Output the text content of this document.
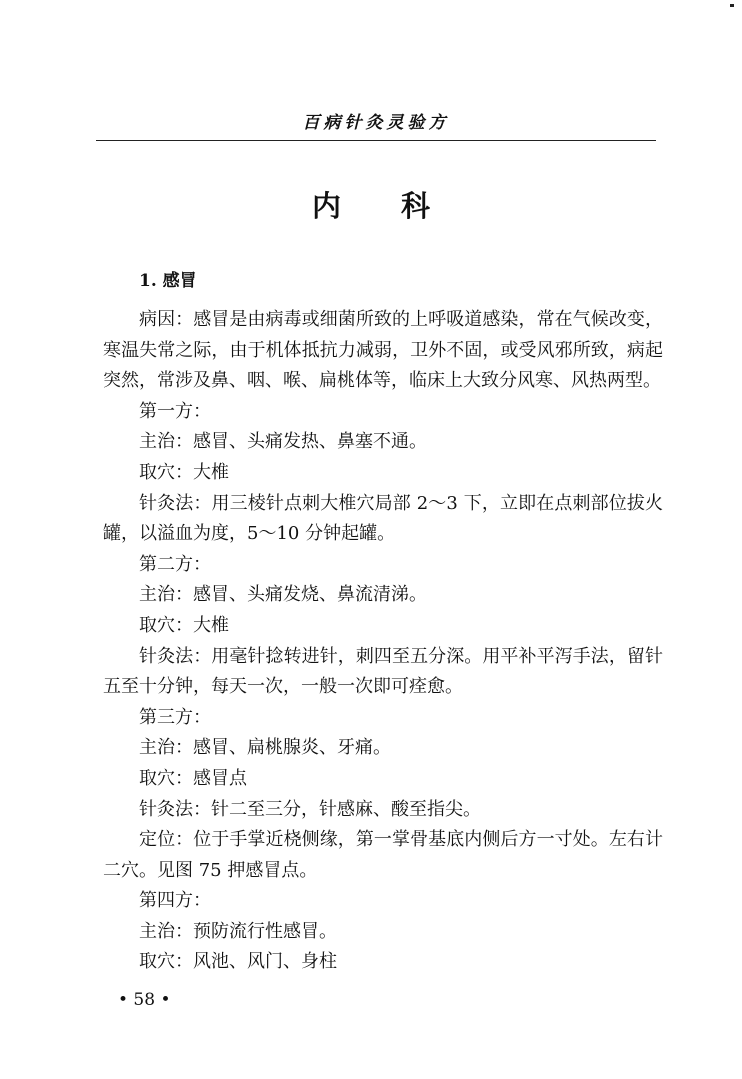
百病针灸灵验方
内 科
1. 感冒

病因：感冒是由病毒或细菌所致的上呼吸道感染，常在气候改变，寒温失常之际，由于机体抵抗力减弱，卫外不固，或受风邪所致，病起突然，常涉及鼻、咽、喉、扁桃体等，临床上大致分风寒、风热两型。

第一方：

主治：感冒、头痛发热、鼻塞不通。

取穴：大椎

针灸法：用三棱针点刺大椎穴局部 2～3 下，立即在点刺部位拔火罐，以溢血为度，5～10 分钟起罐。

第二方：

主治：感冒、头痛发烧、鼻流清涕。

取穴：大椎

针灸法：用毫针捻转进针，刺四至五分深。用平补平泻手法，留针五至十分钟，每天一次，一般一次即可痊愈。

第三方：

主治：感冒、扁桃腺炎、牙痛。

取穴：感冒点

针灸法：针二至三分，针感麻、酸至指尖。

定位：位于手掌近桡侧缘，第一掌骨基底内侧后方一寸处。左右计二穴。见图 75 押感冒点。

第四方：

主治：预防流行性感冒。

取穴：风池、风门、身柱

• 58 •
